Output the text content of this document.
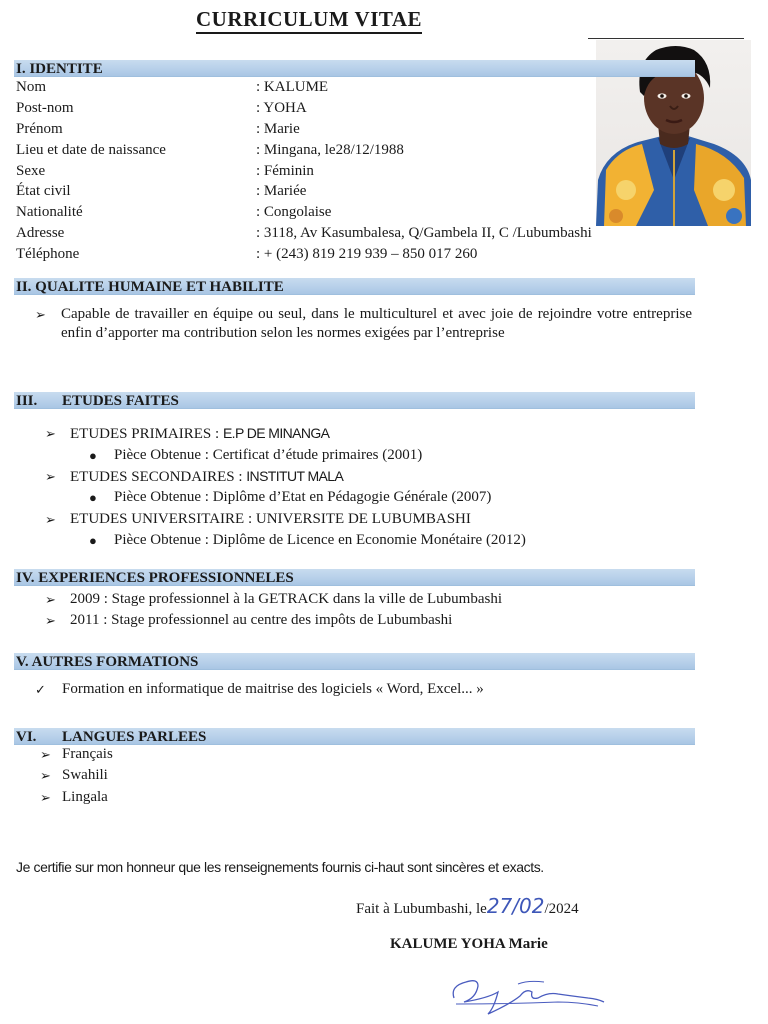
CURRICULUM VITAE
I. IDENTITE
Nom	: KALUME
Post-nom	: YOHA
Prénom	: Marie
Lieu et date de naissance	: Mingana, le28/12/1988
Sexe	: Féminin
État civil	: Mariée
Nationalité	: Congolaise
Adresse	: 3118, Av Kasumbalesa, Q/Gambela II, C /Lubumbashi
Téléphone	: + (243) 819 219 939 – 850 017 260
II. QUALITE HUMAINE ET HABILITE
➢ Capable de travailler en équipe ou seul, dans le multiculturel et avec joie de rejoindre votre entreprise enfin d’apporter ma contribution selon les normes exigées par l’entreprise
III. ETUDES FAITES
➢ ETUDES PRIMAIRES : E.P DE MINANGA
● Pièce Obtenue : Certificat d’étude primaires (2001)
➢ ETUDES SECONDAIRES : INSTITUT MALA
● Pièce Obtenue : Diplôme d’Etat en Pédagogie Générale (2007)
➢ ETUDES UNIVERSITAIRE : UNIVERSITE DE LUBUMBASHI
● Pièce Obtenue : Diplôme de Licence en Economie Monétaire (2012)
IV. EXPERIENCES PROFESSIONNELES
➢ 2009 : Stage professionnel à la GETRACK dans la ville de Lubumbashi
➢ 2011 : Stage professionnel au centre des impôts de Lubumbashi
V. AUTRES FORMATIONS
✓ Formation en informatique de maitrise des logiciels « Word, Excel... »
VI. LANGUES PARLEES
➢ Français
➢ Swahili
➢ Lingala
Je certifie sur mon honneur que les renseignements fournis ci-haut sont sincères et exacts.
Fait à Lubumbashi, le27/02/2024
KALUME YOHA Marie
